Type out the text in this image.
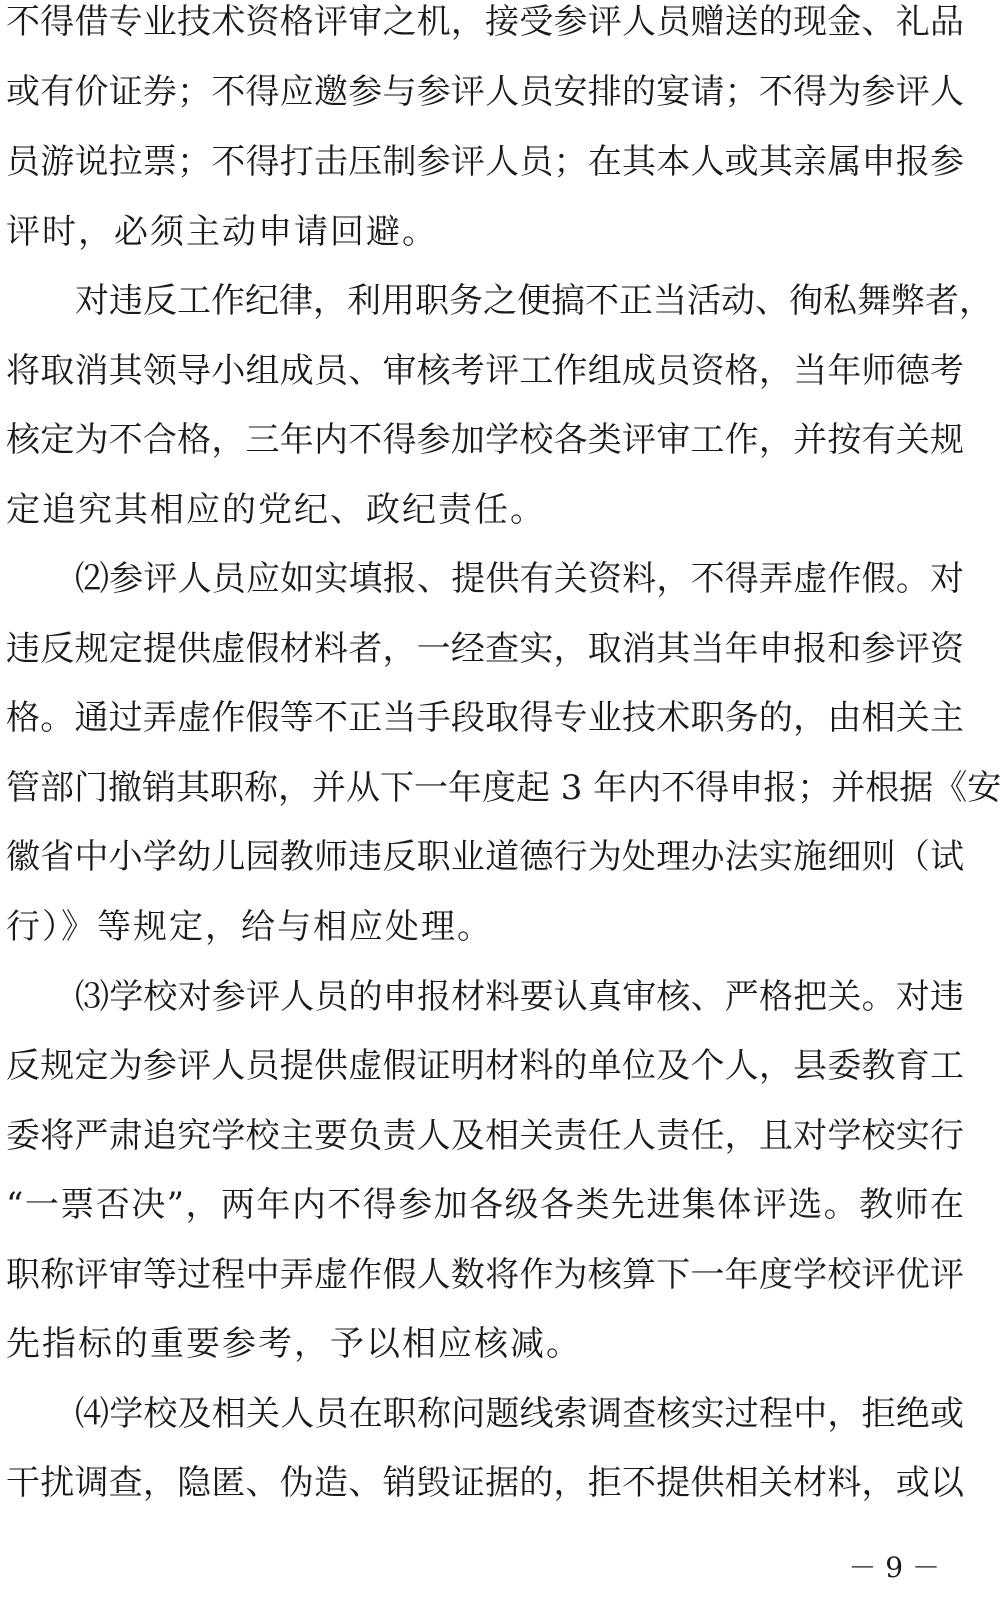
不得借专业技术资格评审之机，接受参评人员赠送的现金、礼品
或有价证券；不得应邀参与参评人员安排的宴请；不得为参评人
员游说拉票；不得打击压制参评人员；在其本人或其亲属申报参
评时，必须主动申请回避。
对违反工作纪律，利用职务之便搞不正当活动、徇私舞弊者，
将取消其领导小组成员、审核考评工作组成员资格，当年师德考
核定为不合格，三年内不得参加学校各类评审工作，并按有关规
定追究其相应的党纪、政纪责任。
⑵参评人员应如实填报、提供有关资料，不得弄虚作假。对
违反规定提供虚假材料者，一经查实，取消其当年申报和参评资
格。通过弄虚作假等不正当手段取得专业技术职务的，由相关主
管部门撤销其职称，并从下一年度起 3 年内不得申报；并根据《安
徽省中小学幼儿园教师违反职业道德行为处理办法实施细则（试
行）》等规定，给与相应处理。
⑶学校对参评人员的申报材料要认真审核、严格把关。对违
反规定为参评人员提供虚假证明材料的单位及个人，县委教育工
委将严肃追究学校主要负责人及相关责任人责任，且对学校实行
“一票否决”，两年内不得参加各级各类先进集体评选。教师在
职称评审等过程中弄虚作假人数将作为核算下一年度学校评优评
先指标的重要参考，予以相应核减。
⑷学校及相关人员在职称问题线索调查核实过程中，拒绝或
干扰调查，隐匿、伪造、销毁证据的，拒不提供相关材料，或以
－ 9 －
